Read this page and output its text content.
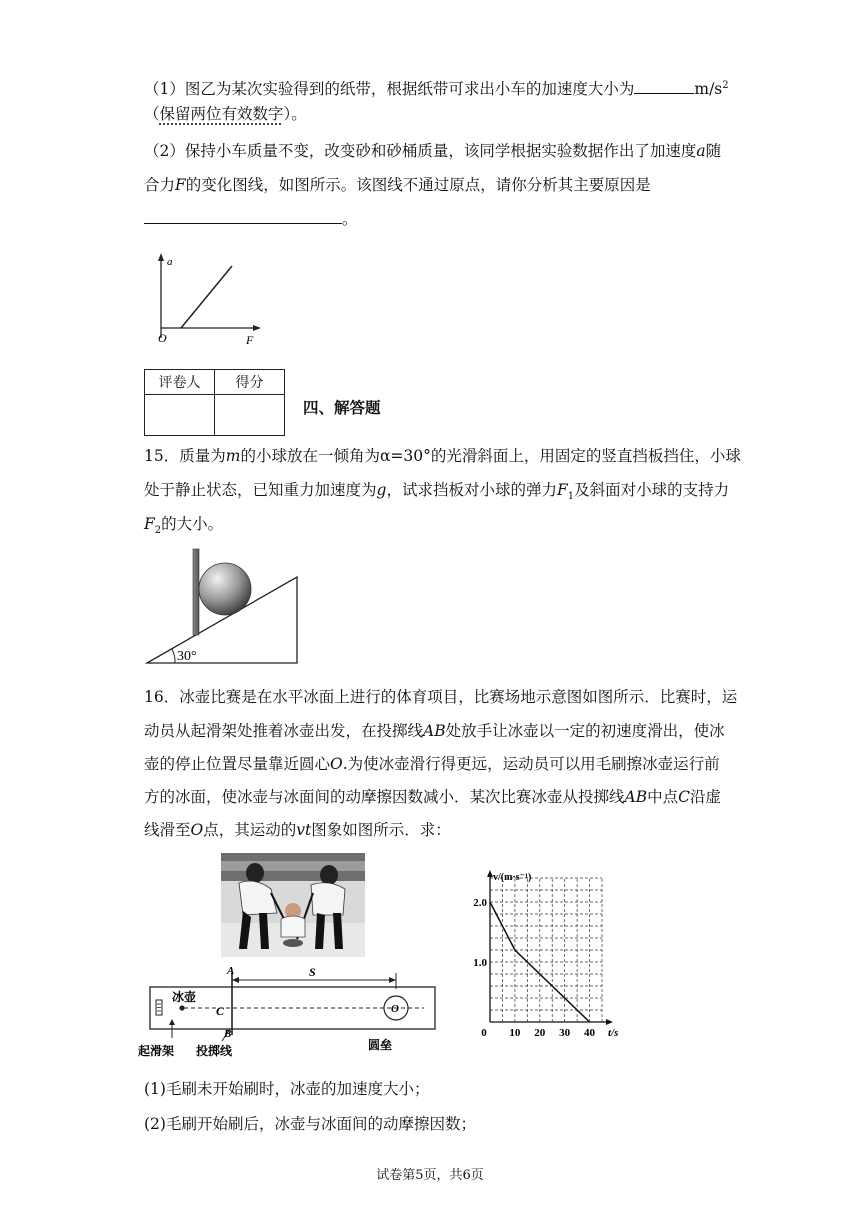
（1）图乙为某次实验得到的纸带，根据纸带可求出小车的加速度大小为	$m/s^2$
（保留两位有效数字）。
（2）保持小车质量不变，改变砂和砂桶质量，该同学根据实验数据作出了加速度a随
合力F的变化图线，如图所示。该图线不通过原点，请你分析其主要原因是
。
a
O	F
评卷人	得分

四、解答题
15．质量为m的小球放在一倾角为α=30°的光滑斜面上，用固定的竖直挡板挡住，小球
处于静止状态，已知重力加速度为g，试求挡板对小球的弹力$F_1$及斜面对小球的支持力
$F_2$的大小。
30°
16．冰壶比赛是在水平冰面上进行的体育项目，比赛场地示意图如图所示．比赛时，运
动员从起滑架处推着冰壶出发，在投掷线AB处放手让冰壶以一定的初速度滑出，使冰
壶的停止位置尽量靠近圆心O.为使冰壶滑行得更远，运动员可以用毛刷擦冰壶运行前
方的冰面，使冰壶与冰面间的动摩擦因数减小．某次比赛冰壶从投掷线AB中点C沿虚
线滑至O点，其运动的vt图象如图所示．求：
A
B
C
S
O
冰壶
起滑架 投掷线	圆垒
1.0
2.0
0 10 20 30 40
v/(m·s⁻¹)
t/s
(1)毛刷未开始刷时，冰壶的加速度大小；
(2)毛刷开始刷后，冰壶与冰面间的动摩擦因数；
试卷第5页，共6页
